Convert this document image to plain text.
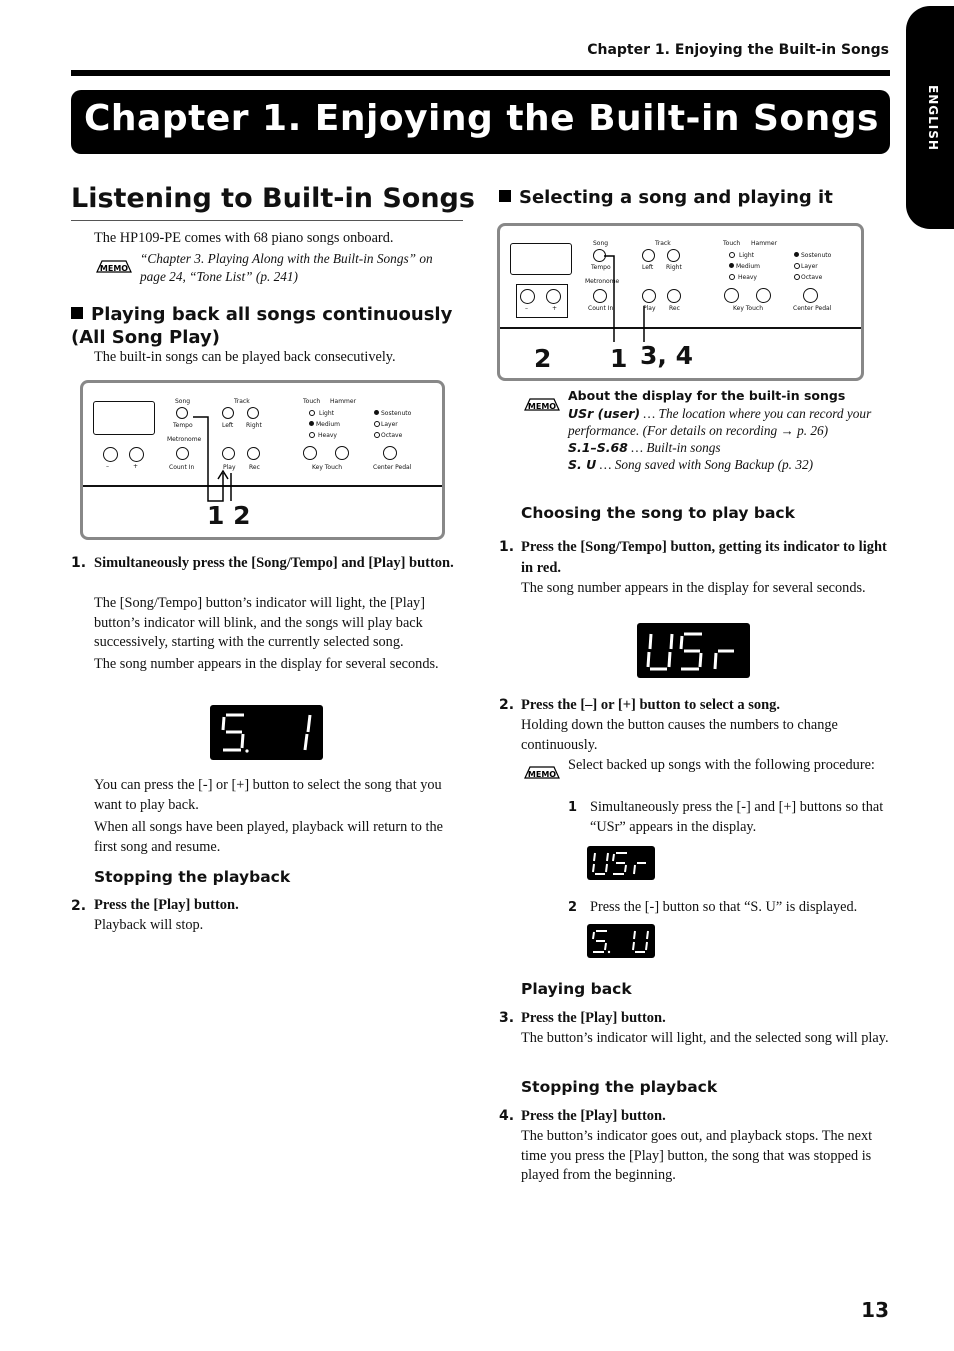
Chapter 1. Enjoying the Built-in Songs
Chapter 1. Enjoying the Built-in Songs	ENGLISH
Listening to Built-in Songs
The HP109-PE comes with 68 piano songs onboard.
MEMO
“Chapter 3. Playing Along with the Built-in Songs” on page 24, “Tone List” (p. 241)
Playing back all songs continuously (All Song Play)
The built-in songs can be played back consecutively.
–	+
Song
Tempo
Metronome
Count In
Track
Left Right
Play Rec
Touch Hammer
Light
Medium
Heavy
Key Touch
Sostenuto
Layer
Octave
Center Pedal
1 2
1. Simultaneously press the [Song/Tempo] and [Play] button.
The [Song/Tempo] button’s indicator will light, the [Play] button’s indicator will blink, and the songs will play back successively, starting with the currently selected song.
The song number appears in the display for several seconds.
You can press the [-] or [+] button to select the song that you want to play back.
When all songs have been played, playback will return to the first song and resume.
Stopping the playback
2. Press the [Play] button.
Playback will stop.
Selecting a song and playing it
–	+
Song
Tempo
Metronome
Count In
Track
Left Right
Play Rec
Touch Hammer
Light
Medium
Heavy
Key Touch
Sostenuto
Layer
Octave
Center Pedal
2 1 3, 4
MEMO
About the display for the built-in songs
USr (user) … The location where you can record your performance. (For details on recording → p. 26)
S.1–S.68 … Built-in songs
S. U … Song saved with Song Backup (p. 32)
Choosing the song to play back
1. Press the [Song/Tempo] button, getting its indicator to light in red.
The song number appears in the display for several seconds.
2. Press the [–] or [+] button to select a song.
Holding down the button causes the numbers to change continuously.
MEMO
Select backed up songs with the following procedure:
1 Simultaneously press the [-] and [+] buttons so that “USr” appears in the display.
2 Press the [-] button so that “S. U” is displayed.
Playing back
3. Press the [Play] button.
The button’s indicator will light, and the selected song will play.
Stopping the playback
4. Press the [Play] button.
The button’s indicator goes out, and playback stops. The next time you press the [Play] button, the song that was stopped is played from the beginning.
13
